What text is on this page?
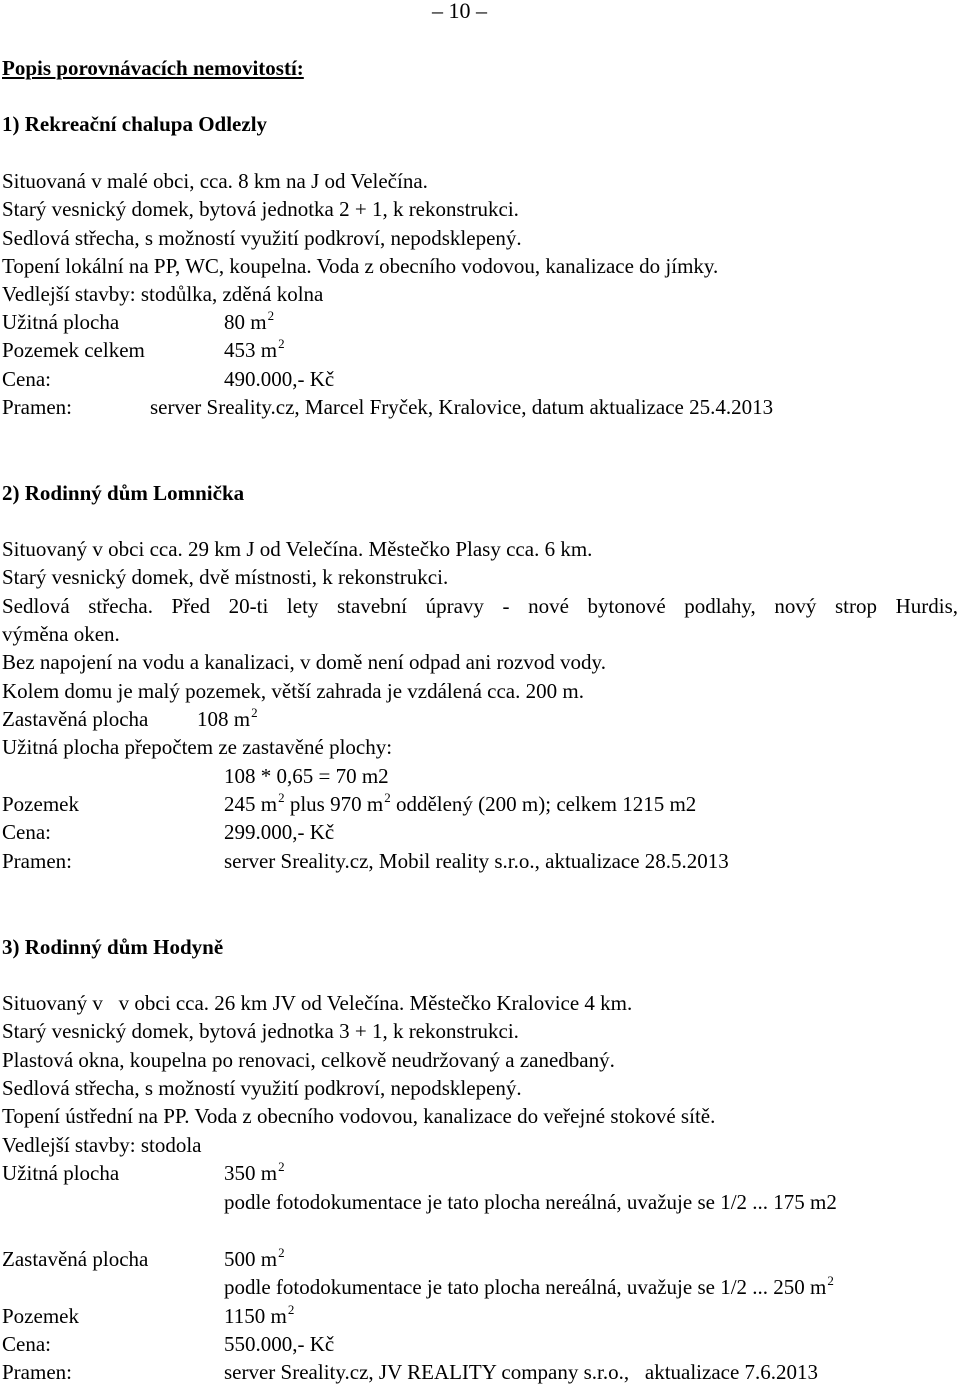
– 10 –
Popis porovnávacích nemovitostí:
1) Rekreační chalupa Odlezly
Situovaná v malé obci, cca. 8 km na J od Velečína.
Starý vesnický domek, bytová jednotka 2 + 1, k rekonstrukci.
Sedlová střecha, s možností využití podkroví, nepodsklepený.
Topení lokální na PP, WC, koupelna. Voda z obecního vodovou, kanalizace do jímky.
Vedlejší stavby: stodůlka, zděná kolna
Užitná plocha	80 $m^2$
Pozemek celkem	453 $m^2$
Cena:	490.000,- Kč
Pramen:	server Sreality.cz, Marcel Fryček, Kralovice, datum aktualizace 25.4.2013
2) Rodinný dům Lomnička
Situovaný v obci cca. 29 km J od Velečína. Městečko Plasy cca. 6 km.
Starý vesnický domek, dvě místnosti, k rekonstrukci.
Sedlová střecha. Před 20-ti lety stavební úpravy - nové bytonové podlahy, nový strop Hurdis,
výměna oken.
Bez napojení na vodu a kanalizaci, v domě není odpad ani rozvod vody.
Kolem domu je malý pozemek, větší zahrada je vzdálená cca. 200 m.
Zastavěná plocha 108 $m^2$
Užitná plocha přepočtem ze zastavěné plochy:
108 * 0,65 = 70 m2
Pozemek	245 $m^2$ plus 970 $m^2$ oddělený (200 m); celkem 1215 m2
Cena:	299.000,- Kč
Pramen:	server Sreality.cz, Mobil reality s.r.o., aktualizace 28.5.2013
3) Rodinný dům Hodyně
Situovaný v   v obci cca. 26 km JV od Velečína. Městečko Kralovice 4 km.
Starý vesnický domek, bytová jednotka 3 + 1, k rekonstrukci.
Plastová okna, koupelna po renovaci, celkově neudržovaný a zanedbaný.
Sedlová střecha, s možností využití podkroví, nepodsklepený.
Topení ústřední na PP. Voda z obecního vodovou, kanalizace do veřejné stokové sítě.
Vedlejší stavby: stodola
Užitná plocha	350 $m^2$
podle fotodokumentace je tato plocha nereálná, uvažuje se 1/2 ... 175 m2
Zastavěná plocha	500 $m^2$
podle fotodokumentace je tato plocha nereálná, uvažuje se 1/2 ... 250 $m^2$
Pozemek	1150 $m^2$
Cena:	550.000,- Kč
Pramen:	server Sreality.cz, JV REALITY company s.r.o.,   aktualizace 7.6.2013
